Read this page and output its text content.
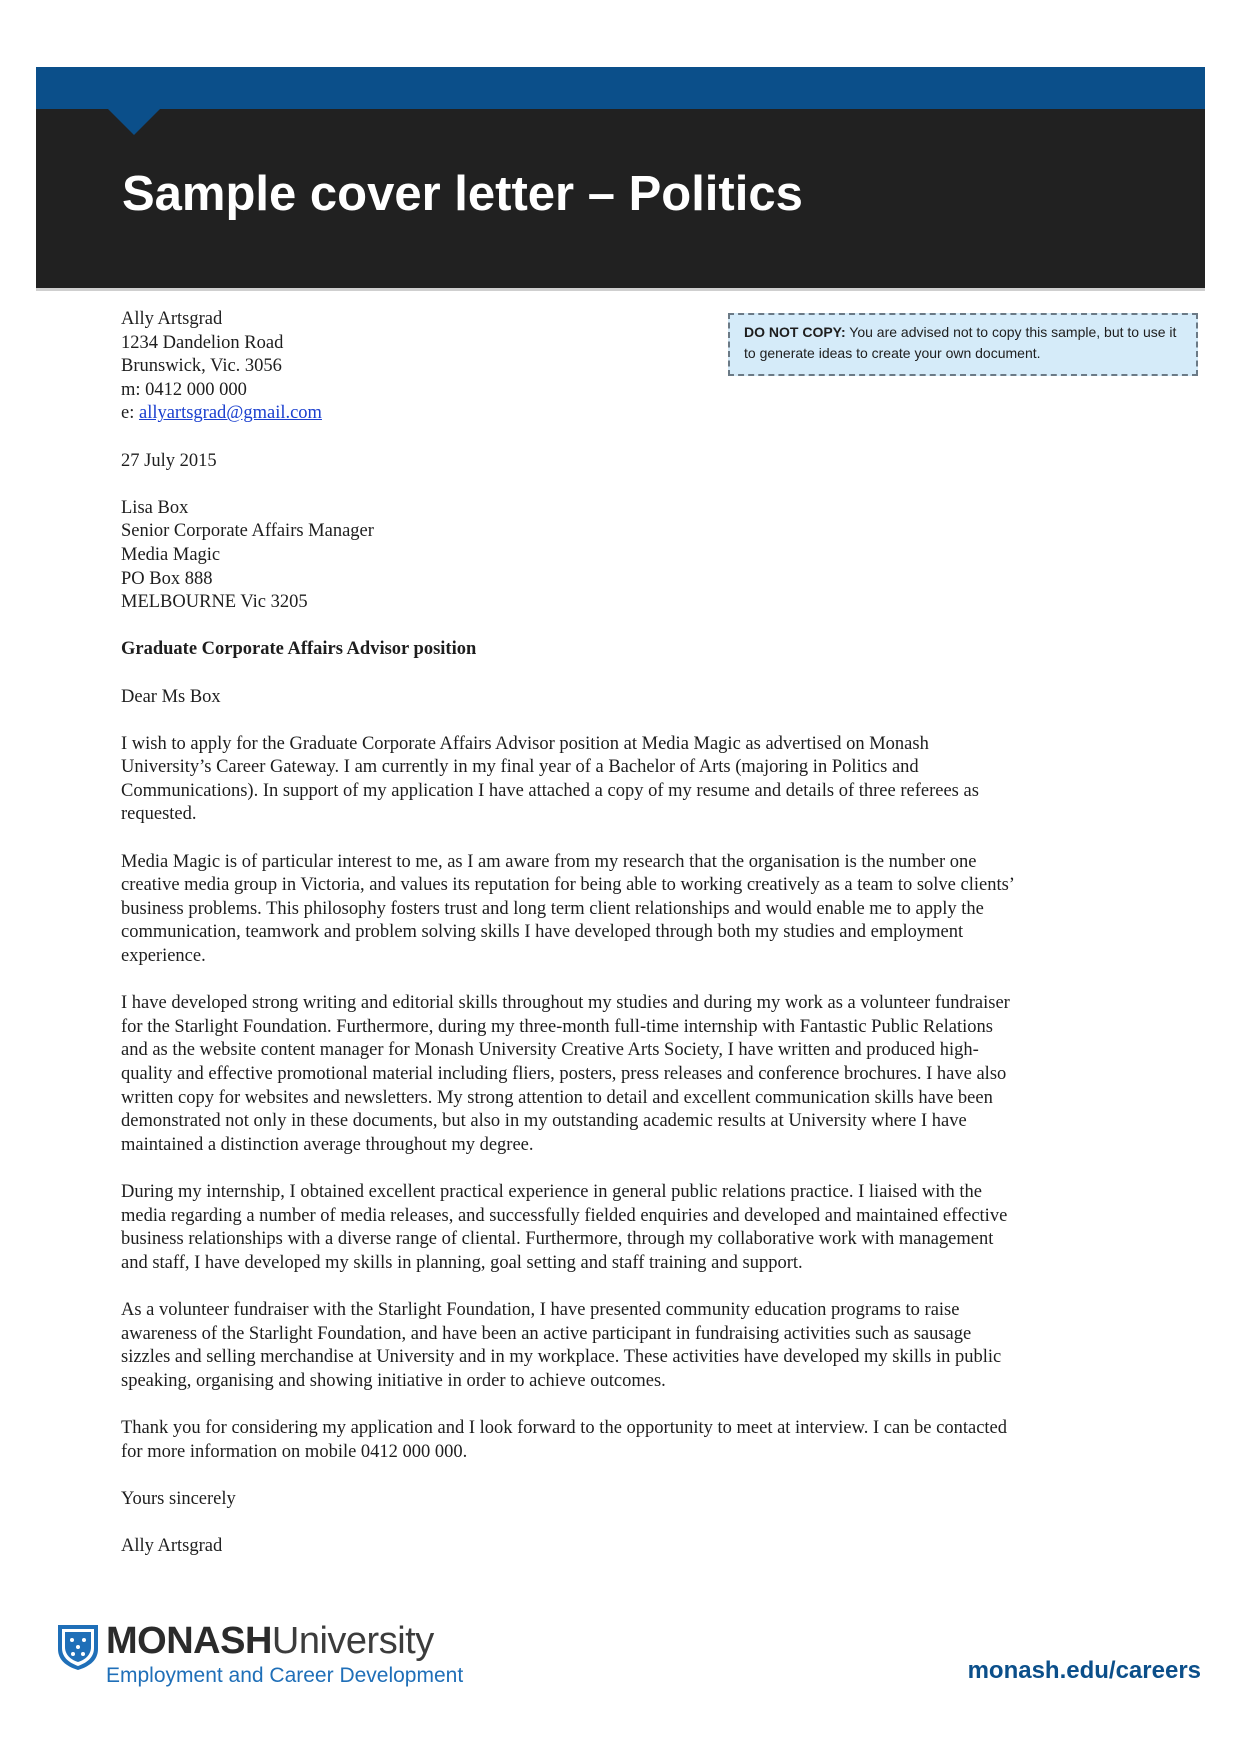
Sample cover letter – Politics
DO NOT COPY: You are advised not to copy this sample, but to use it to generate ideas to create your own document.
Ally Artsgrad
1234 Dandelion Road
Brunswick, Vic. 3056
m: 0412 000 000
e: allyartsgrad@gmail.com

27 July 2015

Lisa Box
Senior Corporate Affairs Manager
Media Magic
PO Box 888
MELBOURNE Vic 3205

Graduate Corporate Affairs Advisor position

Dear Ms Box

I wish to apply for the Graduate Corporate Affairs Advisor position at Media Magic as advertised on Monash
University’s Career Gateway. I am currently in my final year of a Bachelor of Arts (majoring in Politics and
Communications). In support of my application I have attached a copy of my resume and details of three referees as
requested.

Media Magic is of particular interest to me, as I am aware from my research that the organisation is the number one
creative media group in Victoria, and values its reputation for being able to working creatively as a team to solve clients’
business problems. This philosophy fosters trust and long term client relationships and would enable me to apply the
communication, teamwork and problem solving skills I have developed through both my studies and employment
experience.

I have developed strong writing and editorial skills throughout my studies and during my work as a volunteer fundraiser
for the Starlight Foundation. Furthermore, during my three-month full-time internship with Fantastic Public Relations
and as the website content manager for Monash University Creative Arts Society, I have written and produced high-
quality and effective promotional material including fliers, posters, press releases and conference brochures. I have also
written copy for websites and newsletters. My strong attention to detail and excellent communication skills have been
demonstrated not only in these documents, but also in my outstanding academic results at University where I have
maintained a distinction average throughout my degree.

During my internship, I obtained excellent practical experience in general public relations practice. I liaised with the
media regarding a number of media releases, and successfully fielded enquiries and developed and maintained effective
business relationships with a diverse range of cliental. Furthermore, through my collaborative work with management
and staff, I have developed my skills in planning, goal setting and staff training and support.

As a volunteer fundraiser with the Starlight Foundation, I have presented community education programs to raise
awareness of the Starlight Foundation, and have been an active participant in fundraising activities such as sausage
sizzles and selling merchandise at University and in my workplace. These activities have developed my skills in public
speaking, organising and showing initiative in order to achieve outcomes.

Thank you for considering my application and I look forward to the opportunity to meet at interview. I can be contacted
for more information on mobile 0412 000 000.

Yours sincerely

Ally Artsgrad

MONASHUniversity
Employment and Career Development	monash.edu/careers
